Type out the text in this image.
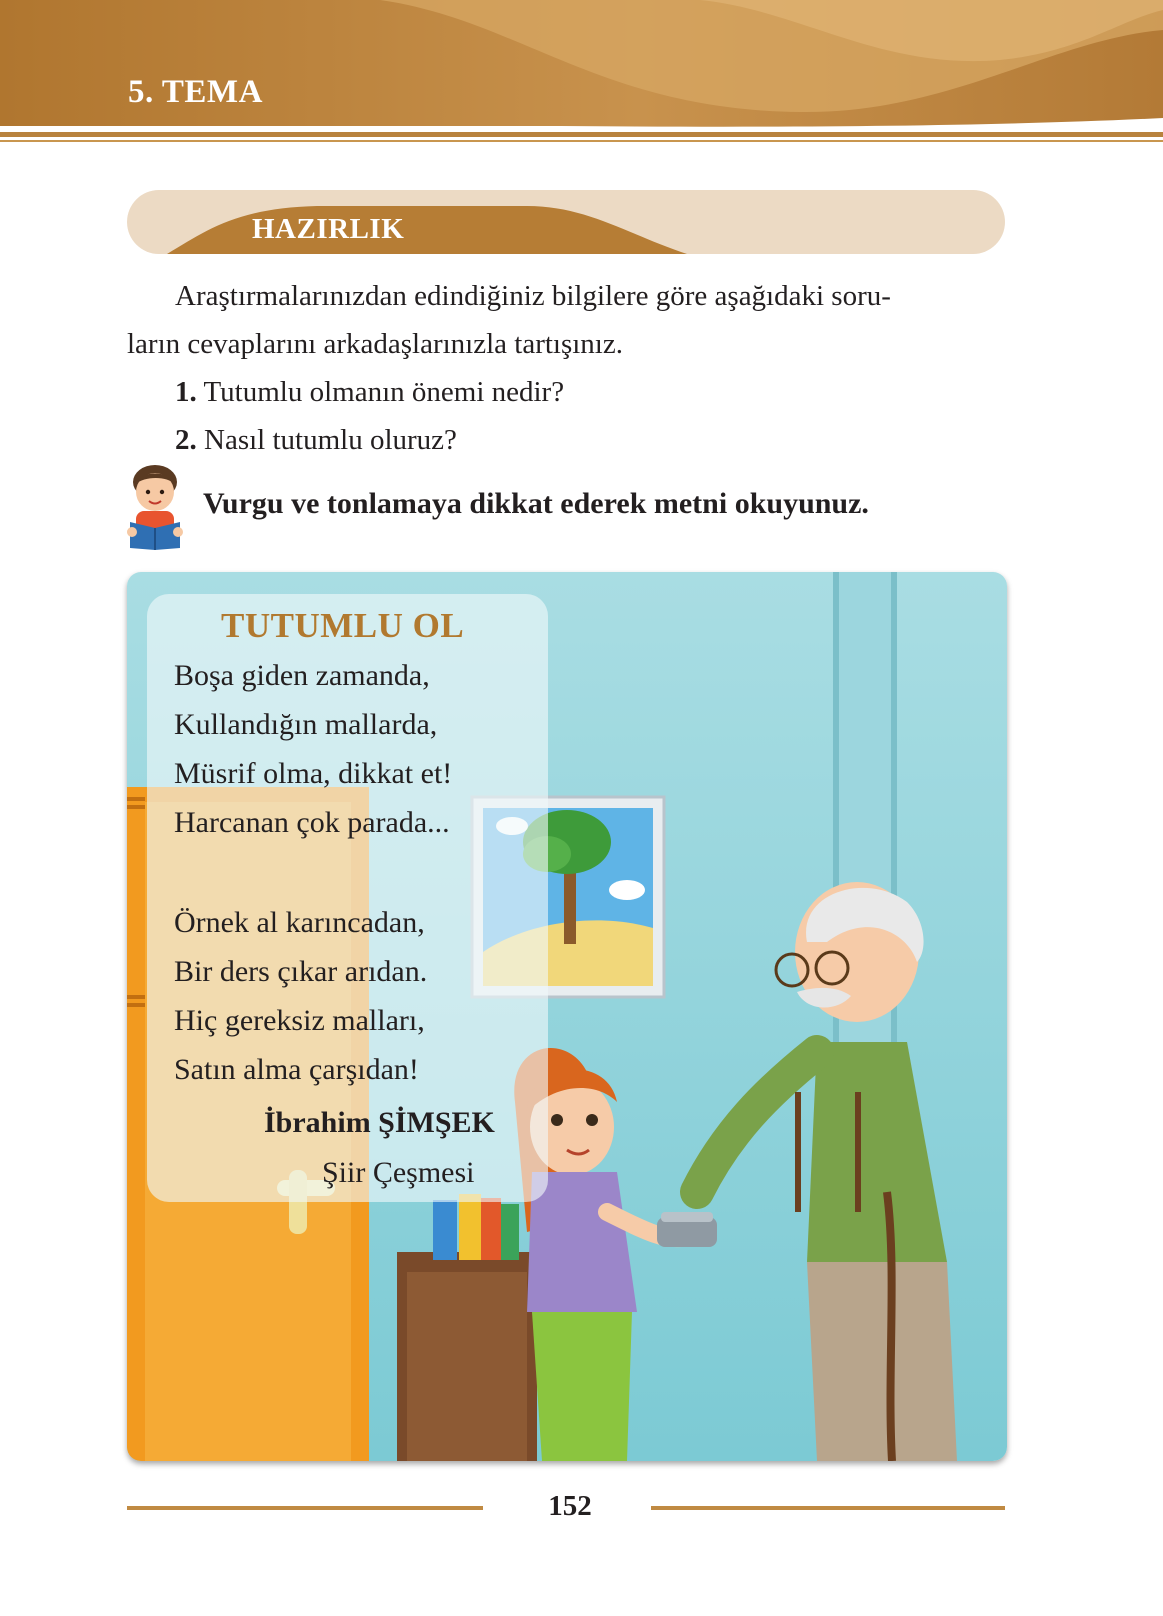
5. TEMA
HAZIRLIK
Araştırmalarınızdan edindiğiniz bilgilere göre aşağıdaki soru-
ların cevaplarını arkadaşlarınızla tartışınız.
1. Tutumlu olmanın önemi nedir?
2. Nasıl tutumlu oluruz?
Vurgu ve tonlamaya dikkat ederek metni okuyunuz.
TUTUMLU OL
Boşa giden zamanda,
Kullandığın mallarda,
Müsrif olma, dikkat et!
Harcanan çok parada...
Örnek al karıncadan,
Bir ders çıkar arıdan.
Hiç gereksiz malları,
Satın alma çarşıdan!
İbrahim ŞİMŞEK
Şiir Çeşmesi
152
